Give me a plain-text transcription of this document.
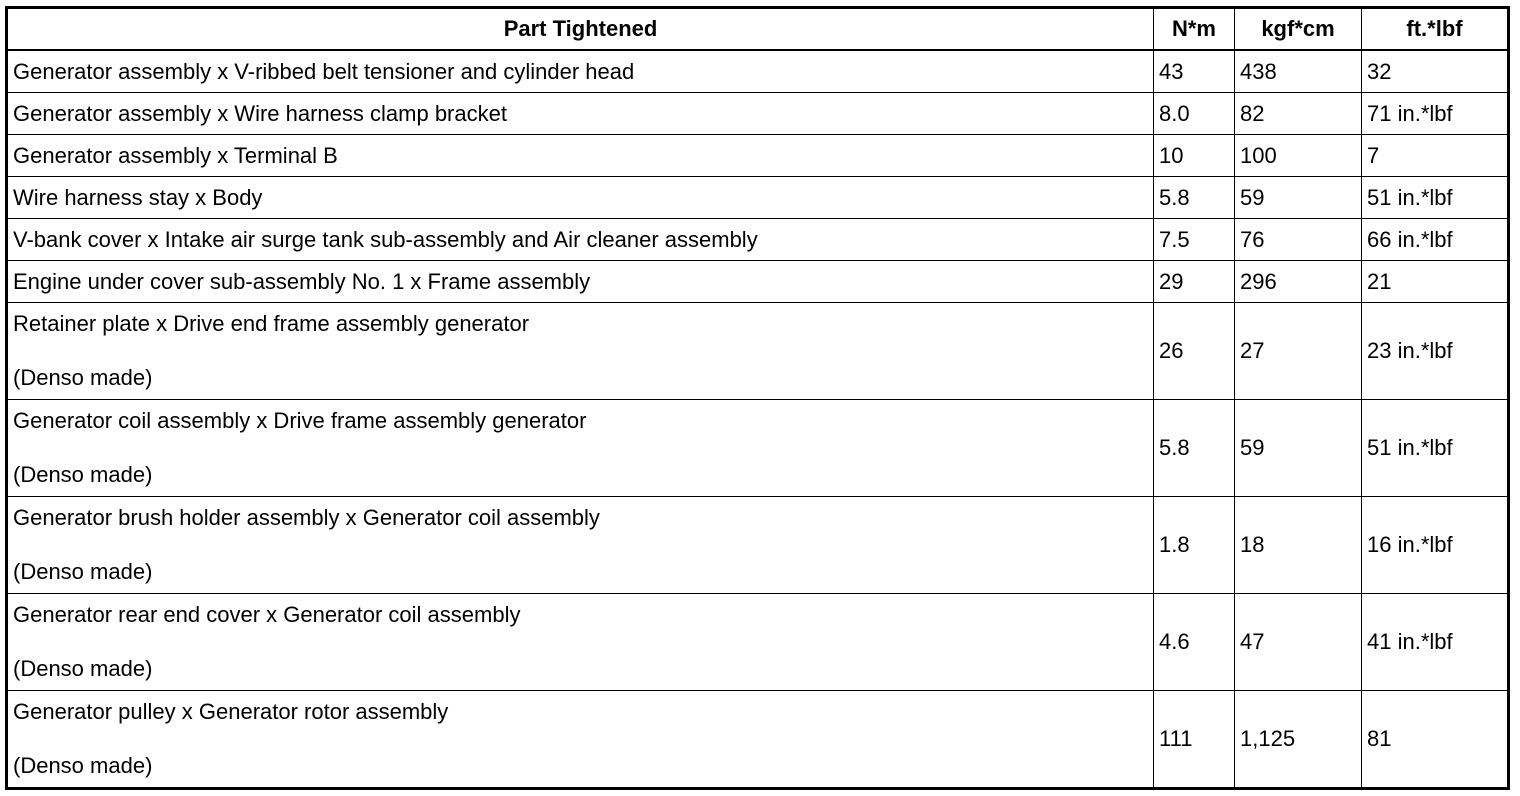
Part Tightened	N*m	kgf*cm	ft.*lbf
Generator assembly x V-ribbed belt tensioner and cylinder head	43	438	32
Generator assembly x Wire harness clamp bracket	8.0	82	71 in.*lbf
Generator assembly x Terminal B	10	100	7
Wire harness stay x Body	5.8	59	51 in.*lbf
V-bank cover x Intake air surge tank sub-assembly and Air cleaner assembly	7.5	76	66 in.*lbf
Engine under cover sub-assembly No. 1 x Frame assembly	29	296	21

Retainer plate x Drive end frame assembly generator
(Denso made)	26	27	23 in.*lbf

Generator coil assembly x Drive frame assembly generator
(Denso made)	5.8	59	51 in.*lbf

Generator brush holder assembly x Generator coil assembly
(Denso made)	1.8	18	16 in.*lbf

Generator rear end cover x Generator coil assembly
(Denso made)	4.6	47	41 in.*lbf

Generator pulley x Generator rotor assembly
(Denso made)	111	1,125	81
